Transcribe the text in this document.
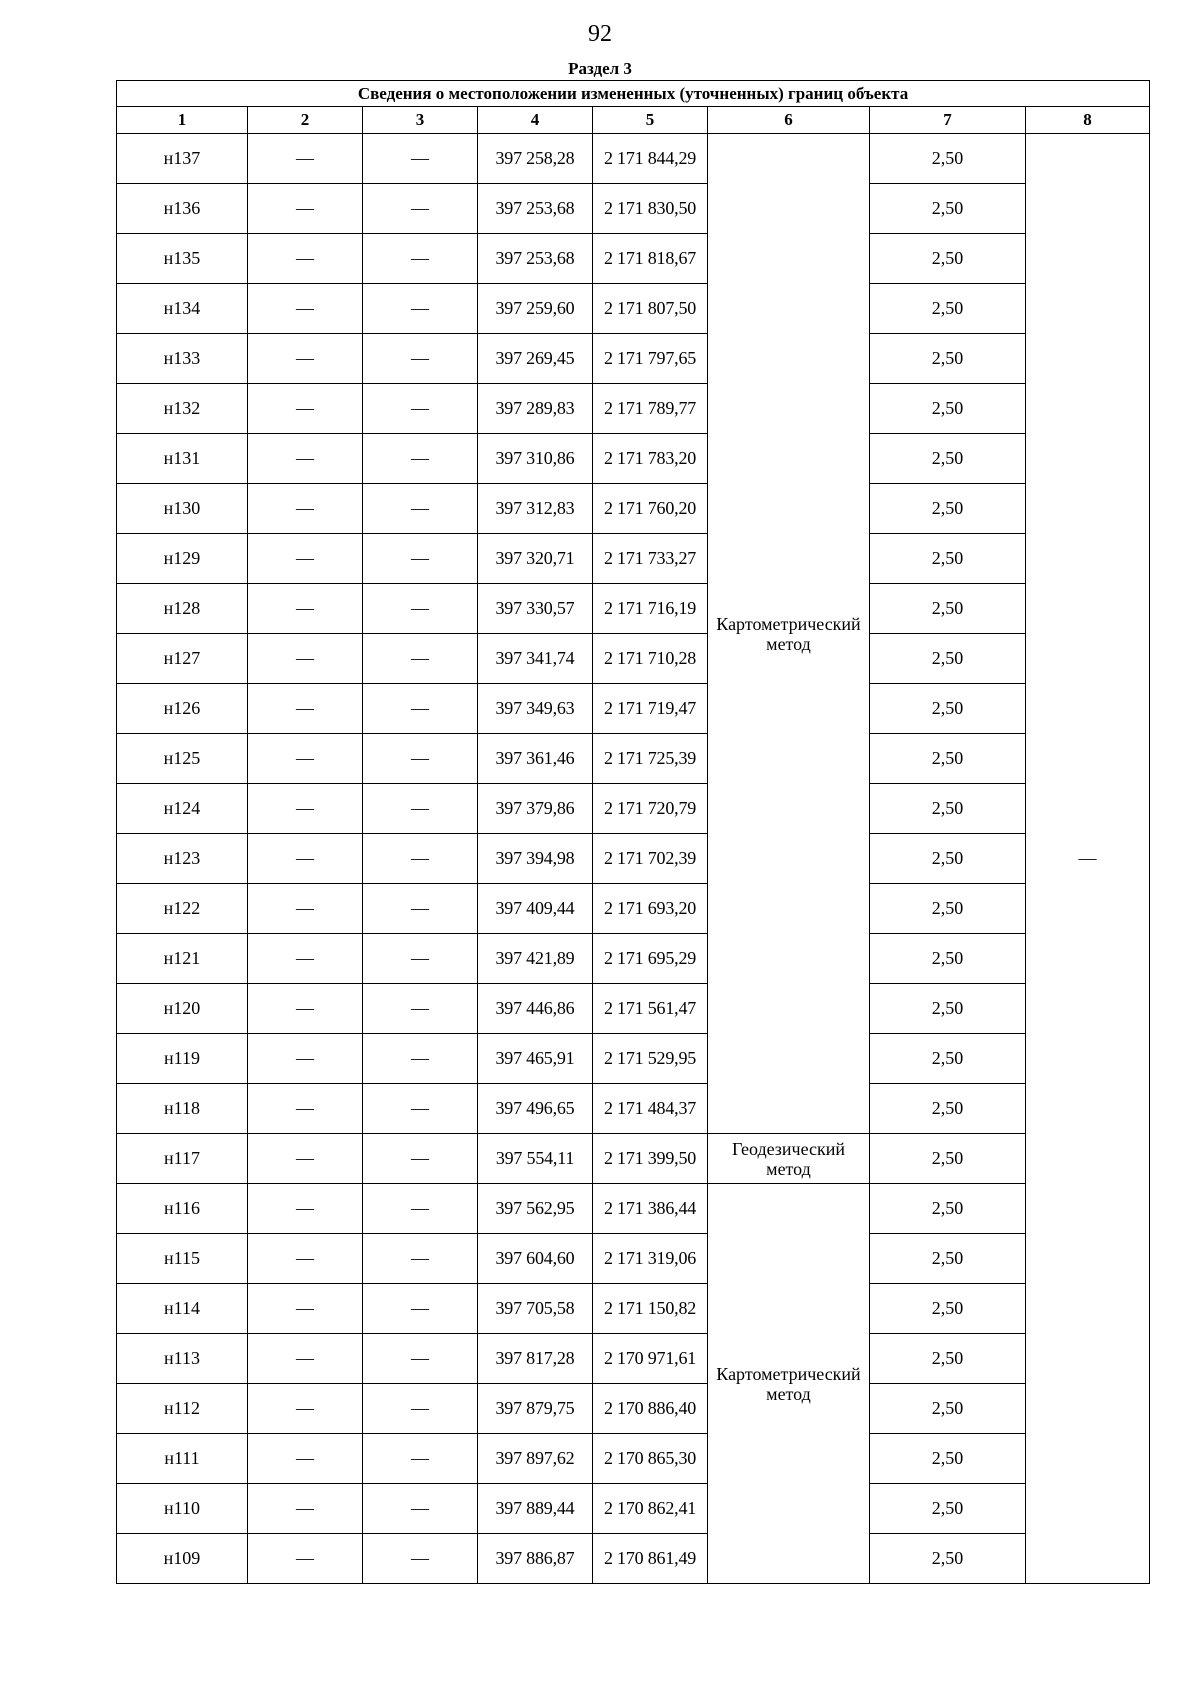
92
Раздел 3
Сведения о местоположении измененных (уточненных) границ объекта							
1	2	3	4	5	6	7	8
н137	—	—	397 258,28	2 171 844,29	Картометрический метод	2,50	—
н136	—	—	397 253,68	2 171 830,50		2,50	
н135	—	—	397 253,68	2 171 818,67		2,50	
н134	—	—	397 259,60	2 171 807,50		2,50	
н133	—	—	397 269,45	2 171 797,65		2,50	
н132	—	—	397 289,83	2 171 789,77		2,50	
н131	—	—	397 310,86	2 171 783,20		2,50	
н130	—	—	397 312,83	2 171 760,20		2,50	
н129	—	—	397 320,71	2 171 733,27		2,50	
н128	—	—	397 330,57	2 171 716,19		2,50	
н127	—	—	397 341,74	2 171 710,28		2,50	
н126	—	—	397 349,63	2 171 719,47		2,50	
н125	—	—	397 361,46	2 171 725,39		2,50	
н124	—	—	397 379,86	2 171 720,79		2,50	
н123	—	—	397 394,98	2 171 702,39		2,50	
н122	—	—	397 409,44	2 171 693,20		2,50	
н121	—	—	397 421,89	2 171 695,29		2,50	
н120	—	—	397 446,86	2 171 561,47		2,50	
н119	—	—	397 465,91	2 171 529,95		2,50	
н118	—	—	397 496,65	2 171 484,37		2,50	
н117	—	—	397 554,11	2 171 399,50	Геодезический метод	2,50	
н116	—	—	397 562,95	2 171 386,44	Картометрический метод	2,50	
н115	—	—	397 604,60	2 171 319,06		2,50	
н114	—	—	397 705,58	2 171 150,82		2,50	
н113	—	—	397 817,28	2 170 971,61		2,50	
н112	—	—	397 879,75	2 170 886,40		2,50	
н111	—	—	397 897,62	2 170 865,30		2,50	
н110	—	—	397 889,44	2 170 862,41		2,50	
н109	—	—	397 886,87	2 170 861,49		2,50	
